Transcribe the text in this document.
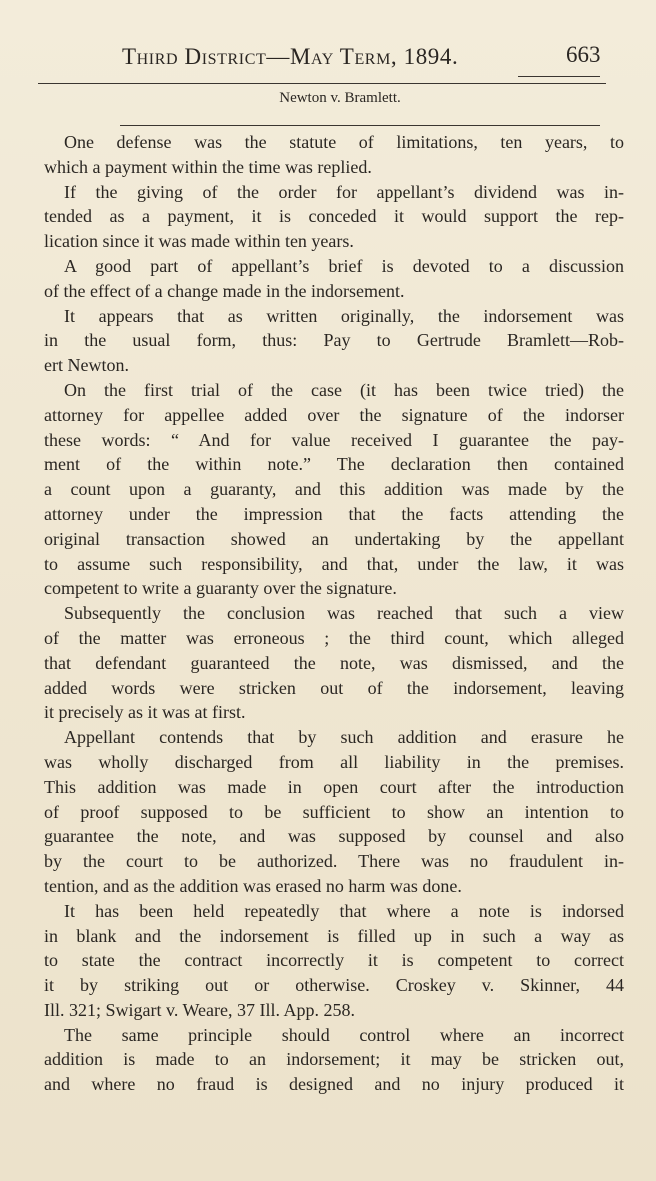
Third District—May Term, 1894.	663
Newton v. Bramlett.
One defense was the statute of limitations, ten years, to
which a payment within the time was replied.
If the giving of the order for appellant’s dividend was in-
tended as a payment, it is conceded it would support the rep-
lication since it was made within ten years.
A good part of appellant’s brief is devoted to a discussion
of the effect of a change made in the indorsement.
It appears that as written originally, the indorsement was
in the usual form, thus: Pay to Gertrude Bramlett—Rob-
ert Newton.
On the first trial of the case (it has been twice tried) the
attorney for appellee added over the signature of the indorser
these words: “ And for value received I guarantee the pay-
ment of the within note.” The declaration then contained
a count upon a guaranty, and this addition was made by the
attorney under the impression that the facts attending the
original transaction showed an undertaking by the appellant
to assume such responsibility, and that, under the law, it was
competent to write a guaranty over the signature.
Subsequently the conclusion was reached that such a view
of the matter was erroneous ; the third count, which alleged
that defendant guaranteed the note, was dismissed, and the
added words were stricken out of the indorsement, leaving
it precisely as it was at first.
Appellant contends that by such addition and erasure he
was wholly discharged from all liability in the premises.
This addition was made in open court after the introduction
of proof supposed to be sufficient to show an intention to
guarantee the note, and was supposed by counsel and also
by the court to be authorized. There was no fraudulent in-
tention, and as the addition was erased no harm was done.
It has been held repeatedly that where a note is indorsed
in blank and the indorsement is filled up in such a way as
to state the contract incorrectly it is competent to correct
it by striking out or otherwise. Croskey v. Skinner, 44
Ill. 321; Swigart v. Weare, 37 Ill. App. 258.
The same principle should control where an incorrect
addition is made to an indorsement; it may be stricken out,
and where no fraud is designed and no injury produced it
